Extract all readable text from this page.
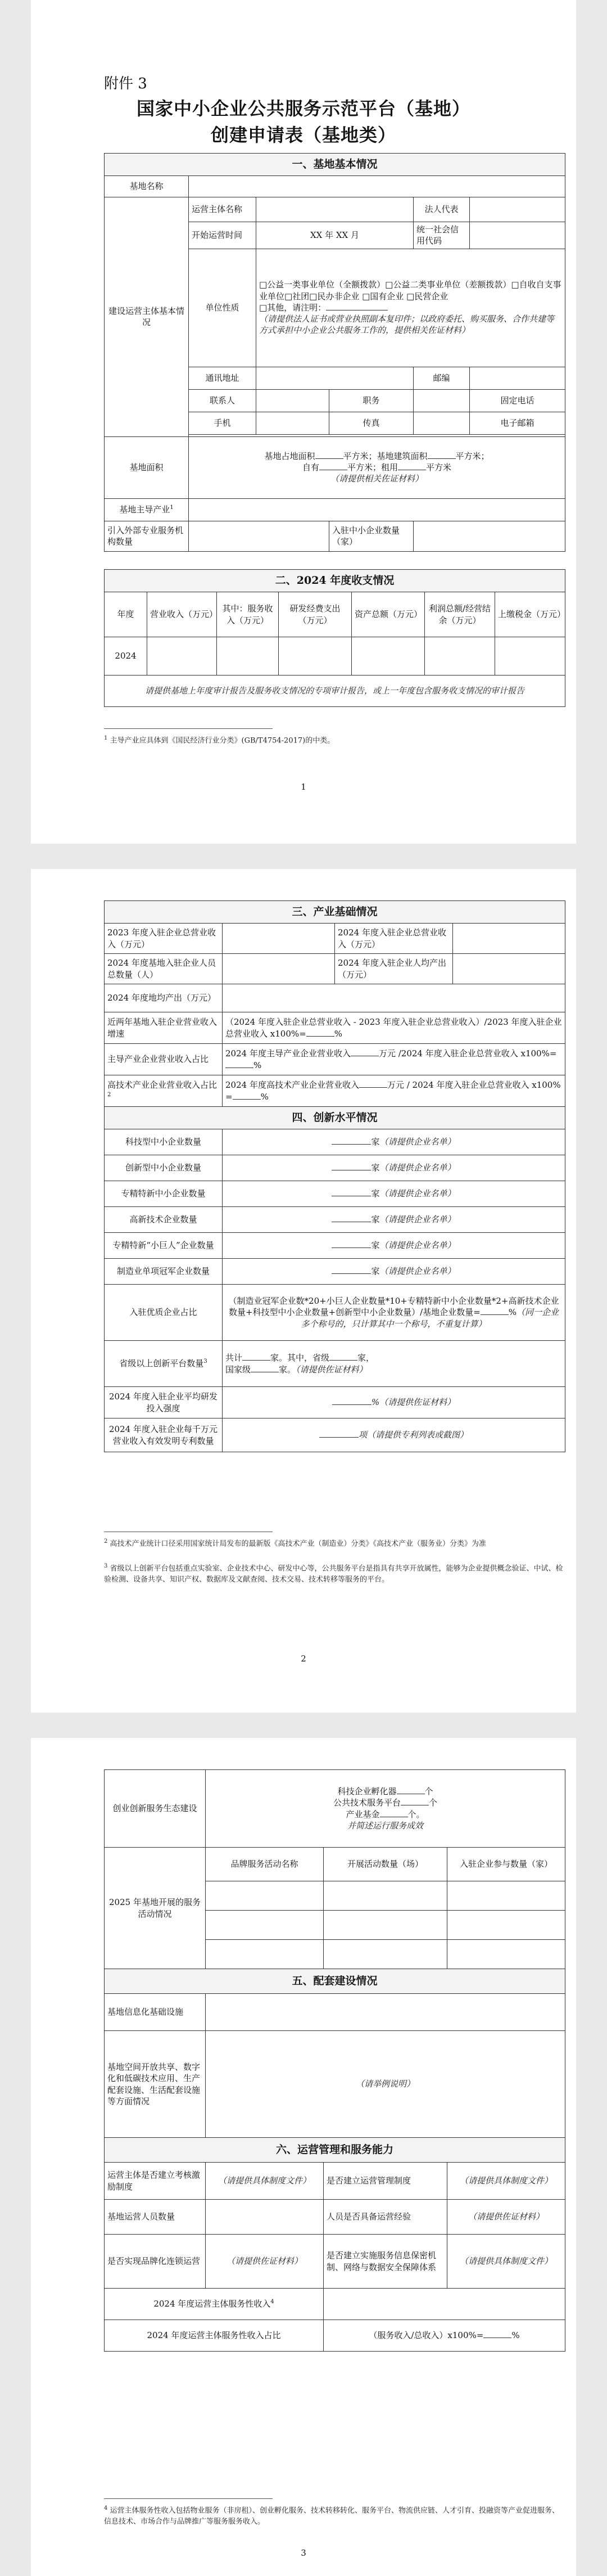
附件 3
国家中小企业公共服务示范平台（基地）
创建申请表（基地类）
一、基地基本情况					
基地名称					
建设运营主体基本情况	运营主体名称			法人代表	
	开始运营时间	XX 年 XX 月		统一社会信用代码	
	单位性质	□公益一类事业单位（全额拨款）□公益二类事业单位（差额拨款）□自收自支事业单位□社团□民办非企业 □国有企业 □民营企业
□其他，请注明：
（请提供法人证书或营业执照副本复印件；以政府委托、购买服务、合作共建等方式承担中小企业公共服务工作的，提供相关佐证材料）			

	通讯地址			邮编	
	联系人		职务		固定电话
	手机		传真		电子邮箱

基地面积	基地占地面积 平方米；基地建筑面积 平方米；
自有 平方米；租用 平方米
（请提供相关佐证材料）				

基地主导产业$^1$	
引入外部专业服务机构数量			入驻中小企业数量（家）		
二、2024 年度收支情况						
年度	营业收入（万元）	其中：服务收入（万元）	研发经费支出（万元）	资产总额（万元）	利润总额/经营结余（万元）	上缴税金（万元）
2024						
请提供基地上年度审计报告及服务收支情况的专项审计报告，或上一年度包含服务收支情况的审计报告						
$^1$ 主导产业应具体到《国民经济行业分类》(GB/T4754-2017)的中类。
1
三、产业基础情况			
2023 年度入驻企业总营业收入（万元）		2024 年度入驻企业总营业收入（万元）	
2024 年度基地入驻企业人员总数量（人）		2024 年度入驻企业人均产出（万元）	
2024 年度地均产出（万元）			
近两年基地入驻企业营业收入增速	（2024 年度入驻企业总营业收入 - 2023 年度入驻企业总营业收入）/2023 年度入驻企业总营业收入 x100%= %		
主导产业企业营业收入占比	2024 年度主导产业企业营业收入 万元 /2024 年度入驻企业总营业收入 x100%=%		
高技术产业企业营业收入占比$^2$	2024 年度高技术产业企业营业收入 万元 / 2024 年度入驻企业总营业收入 x100%= %		
四、创新水平情况			
科技型中小企业数量	家（请提供企业名单）		
创新型中小企业数量	家（请提供企业名单）		
专精特新中小企业数量	家（请提供企业名单）		
高新技术企业数量	家（请提供企业名单）		
专精特新“小巨人”企业数量	家（请提供企业名单）		
制造业单项冠军企业数量	家（请提供企业名单）		
入驻优质企业占比	（制造业冠军企业数*20+小巨人企业数量*10+专精特新中小企业数量*2+高新技术企业数量+科技型中小企业数量+创新型中小企业数量）/基地企业数量= %（同一企业多个称号的，只计算其中一个称号，不重复计算）		
省级以上创新平台数量$^3$	共计 家。其中，省级 家，
国家级 家。（请提供佐证材料）		

2024 年度入驻企业平均研发投入强度	%（请提供佐证材料）		
2024 年度入驻企业每千万元营业收入有效发明专利数量	项（请提供专利列表或截图）		
$^2$ 高技术产业统计口径采用国家统计局发布的最新版《高技术产业（制造业）分类》《高技术产业（服务业）分类》为准
$^3$ 省级以上创新平台包括重点实验室、企业技术中心、研发中心等，公共服务平台是指具有共享开放属性，能够为企业提供概念验证、中试、检验检测、设备共享、知识产权、数据库及文献查阅、技术交易、技术转移等服务的平台。
2
创业创新服务生态建设	科技企业孵化器 个
公共技术服务平台 个
产业基金 个。
并简述运行服务成效		

2025 年基地开展的服务活动情况	品牌服务活动名称	开展活动数量（场）	入驻企业参与数量（家）

五、配套建设情况			
基地信息化基础设施			
基地空间开放共享、数字化和低碳技术应用、生产配套设施、生活配套设施等方面情况	（请举例说明）		
六、运营管理和服务能力			
运营主体是否建立考核激励制度	（请提供具体制度文件）	是否建立运营管理制度	（请提供具体制度文件）
基地运营人员数量		人员是否具备运营经验	（请提供佐证材料）
是否实现品牌化连锁运营	（请提供佐证材料）	是否建立实施服务信息保密机制、网络与数据安全保障体系	（请提供具体制度文件）
2024 年度运营主体服务性收入$^4$	
2024 年度运营主体服务性收入占比		（服务收入/总收入）x100%= %	
$^4$ 运营主体服务性收入包括物业服务（非房租）、创业孵化服务、技术转移转化、服务平台、物流供应链、人才引育、投融资等产业促进服务、信息技术、市场合作与品牌推广等服务服务收入。
3
